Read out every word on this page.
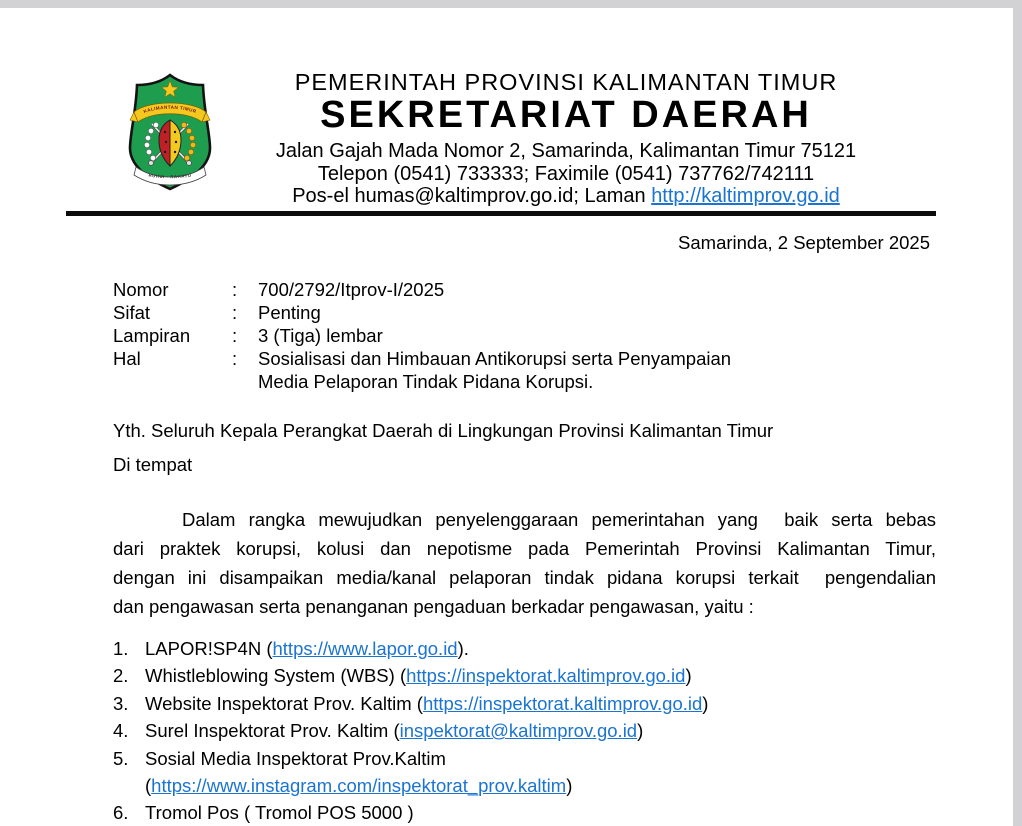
KALIMANTAN TIMUR
RUHUI - RAHAYU
PEMERINTAH PROVINSI KALIMANTAN TIMUR
SEKRETARIAT DAERAH
Jalan Gajah Mada Nomor 2, Samarinda, Kalimantan Timur 75121
Telepon (0541) 733333; Faximile (0541) 737762/742111
Pos-el humas@kaltimprov.go.id; Laman http://kaltimprov.go.id
Samarinda, 2 September 2025
Nomor	:	700/2792/Itprov-I/2025
Sifat	:	Penting
Lampiran	:	3 (Tiga) lembar
Hal	:	Sosialisasi dan Himbauan Antikorupsi serta Penyampaian
Media Pelaporan Tindak Pidana Korupsi.
Yth. Seluruh Kepala Perangkat Daerah di Lingkungan Provinsi Kalimantan Timur
Di tempat
Dalam rangka mewujudkan penyelenggaraan pemerintahan yang  baik serta bebas
dari praktek korupsi, kolusi dan nepotisme pada Pemerintah Provinsi Kalimantan Timur,
dengan ini disampaikan media/kanal pelaporan tindak pidana korupsi terkait  pengendalian
dan pengawasan serta penanganan pengaduan berkadar pengawasan, yaitu :
1. LAPOR!SP4N (https://www.lapor.go.id).
2. Whistleblowing System (WBS) (https://inspektorat.kaltimprov.go.id)
3. Website Inspektorat Prov. Kaltim (https://inspektorat.kaltimprov.go.id)
4. Surel Inspektorat Prov. Kaltim (inspektorat@kaltimprov.go.id)
5. Sosial Media Inspektorat Prov.Kaltim
(https://www.instagram.com/inspektorat_prov.kaltim)
6. Tromol Pos ( Tromol POS 5000 )
